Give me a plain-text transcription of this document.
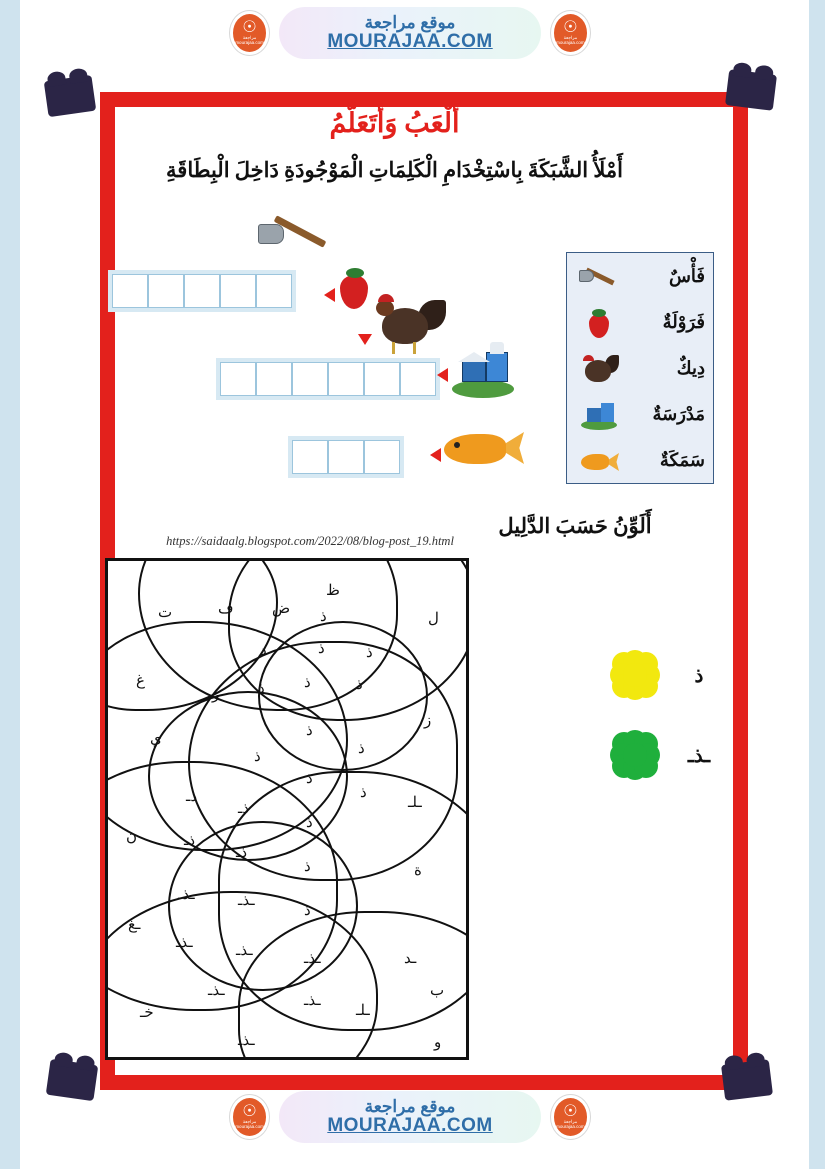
☉
مراجعة
mourajaa.com
موقع مراجعة
MOURAJAA.COM
☉
مراجعة
mourajaa.com
أَلْعَبُ وَأَتَعَلَّمُ
أَمْلَأُ الشَّبَكَةَ بِاسْتِخْدَامِ الْكَلِمَاتِ الْمَوْجُودَةِ دَاخِلَ الْبِطَاقَةِ
فَأْسٌ
فَرَوْلَةٌ
دِيكٌ
مَدْرَسَةٌ
سَمَكَةٌ
أَلَوِّنُ حَسَبَ الدَّلِيل
https://saidaalg.blogspot.com/2022/08/blog-post_19.html
ظ
ض
ف
ت	ل
ذ
ذ
د
غ
ذ
ذ	ذ
ذ
ر
ي
ز
ذ
ذ
ذ
ذ
ذ
ذـ
ذـ
ذ
ـلـ
ن	ذـ
ذـ
ذ	ة
ـذـ	ـذـ
ذ
ـغ
ـذـ	ـذـ	ـذـ	ـد
ب
ـذـ
ـذـ
ـلـ
خـ
و
ـذـ
ذ
ـذـ
☉
مراجعة
mourajaa.com
موقع مراجعة
MOURAJAA.COM
☉
مراجعة
mourajaa.com
